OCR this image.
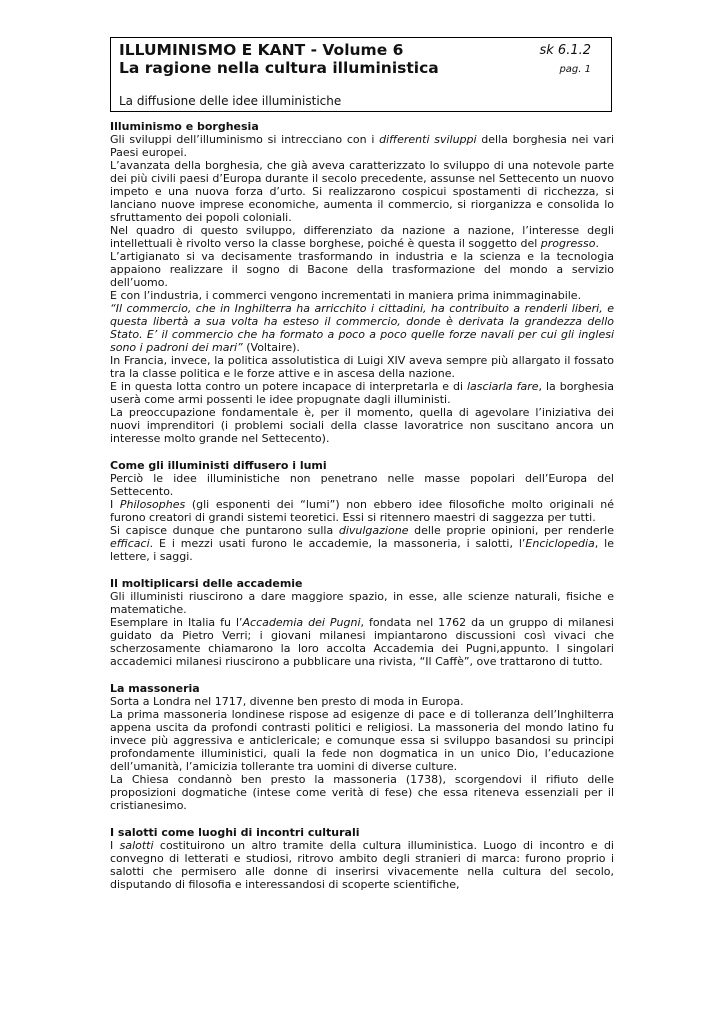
ILLUMINISMO E KANT - Volume 6
La ragione nella cultura illuministica
sk 6.1.2
pag. 1
La diffusione delle idee illuministiche

Illuminismo e borghesia

Gli sviluppi dell’illuminismo si intrecciano con i differenti sviluppi della borghesia nei vari Paesi europei.

L’avanzata della borghesia, che già aveva caratterizzato lo sviluppo di una notevole parte dei più civili paesi d’Europa durante il secolo precedente, assunse nel Settecento un nuovo impeto e una nuova forza d’urto. Si realizzarono cospicui spostamenti di ricchezza, si lanciano nuove imprese economiche, aumenta il commercio, si riorganizza e consolida lo sfruttamento dei popoli coloniali.

Nel quadro di questo sviluppo, differenziato da nazione a nazione, l’interesse degli intellettuali è rivolto verso la classe borghese, poiché è questa il soggetto del progresso.

L’artigianato si va decisamente trasformando in industria e la scienza e la tecnologia appaiono realizzare il sogno di Bacone della trasformazione del mondo a servizio dell’uomo.

E con l’industria, i commerci vengono incrementati in maniera prima inimmaginabile.

“Il commercio, che in Inghilterra ha arricchito i cittadini, ha contribuito a renderli liberi, e questa libertà a sua volta ha esteso il commercio, donde è derivata la grandezza dello Stato. E’ il commercio che ha formato a poco a poco quelle forze navali per cui gli inglesi sono i padroni dei mari” (Voltaire).

In Francia, invece, la politica assolutistica di Luigi XIV aveva sempre più allargato il fossato tra la classe politica e le forze attive e in ascesa della nazione.

E in questa lotta contro un potere incapace di interpretarla e di lasciarla fare, la borghesia userà come armi possenti le idee propugnate dagli illuministi.

La preoccupazione fondamentale è, per il momento, quella di agevolare l’iniziativa dei nuovi imprenditori (i problemi sociali della classe lavoratrice non suscitano ancora un interesse molto grande nel Settecento).

Come gli illuministi diffusero i lumi

Perciò le idee illuministiche non penetrano nelle masse popolari dell’Europa del Settecento.

I Philosophes (gli esponenti dei “lumi”) non ebbero idee filosofiche molto originali né furono creatori di grandi sistemi teoretici. Essi si ritennero maestri di saggezza per tutti.

Si capisce dunque che puntarono sulla divulgazione delle proprie opinioni, per renderle efficaci. E i mezzi usati furono le accademie, la massoneria, i salotti, l’Enciclopedia, le lettere, i saggi.

Il moltiplicarsi delle accademie

Gli illuministi riuscirono a dare maggiore spazio, in esse, alle scienze naturali, fisiche e matematiche.

Esemplare in Italia fu l’Accademia dei Pugni, fondata nel 1762 da un gruppo di milanesi guidato da Pietro Verri; i giovani milanesi impiantarono discussioni così vivaci che scherzosamente chiamarono la loro accolta Accademia dei Pugni,appunto. I singolari accademici milanesi riuscirono a pubblicare una rivista, “Il Caffè”, ove trattarono di tutto.

La massoneria

Sorta a Londra nel 1717, divenne ben presto di moda in Europa.

La prima massoneria londinese rispose ad esigenze di pace e di tolleranza dell’Inghilterra appena uscita da profondi contrasti politici e religiosi. La massoneria del mondo latino fu invece più aggressiva e anticlericale; e comunque essa si sviluppo basandosi su principi profondamente illuministici, quali la fede non dogmatica in un unico Dio, l’educazione dell’umanità, l’amicizia tollerante tra uomini di diverse culture.

La Chiesa condannò ben presto la massoneria (1738), scorgendovi il rifiuto delle proposizioni dogmatiche (intese come verità di fese) che essa riteneva essenziali per il cristianesimo.

I salotti come luoghi di incontri culturali

I salotti costituirono un altro tramite della cultura illuministica. Luogo di incontro e di convegno di letterati e studiosi, ritrovo ambito degli stranieri di marca: furono proprio i salotti che permisero alle donne di inserirsi vivacemente nella cultura del secolo, disputando di filosofia e interessandosi di scoperte scientifiche,
